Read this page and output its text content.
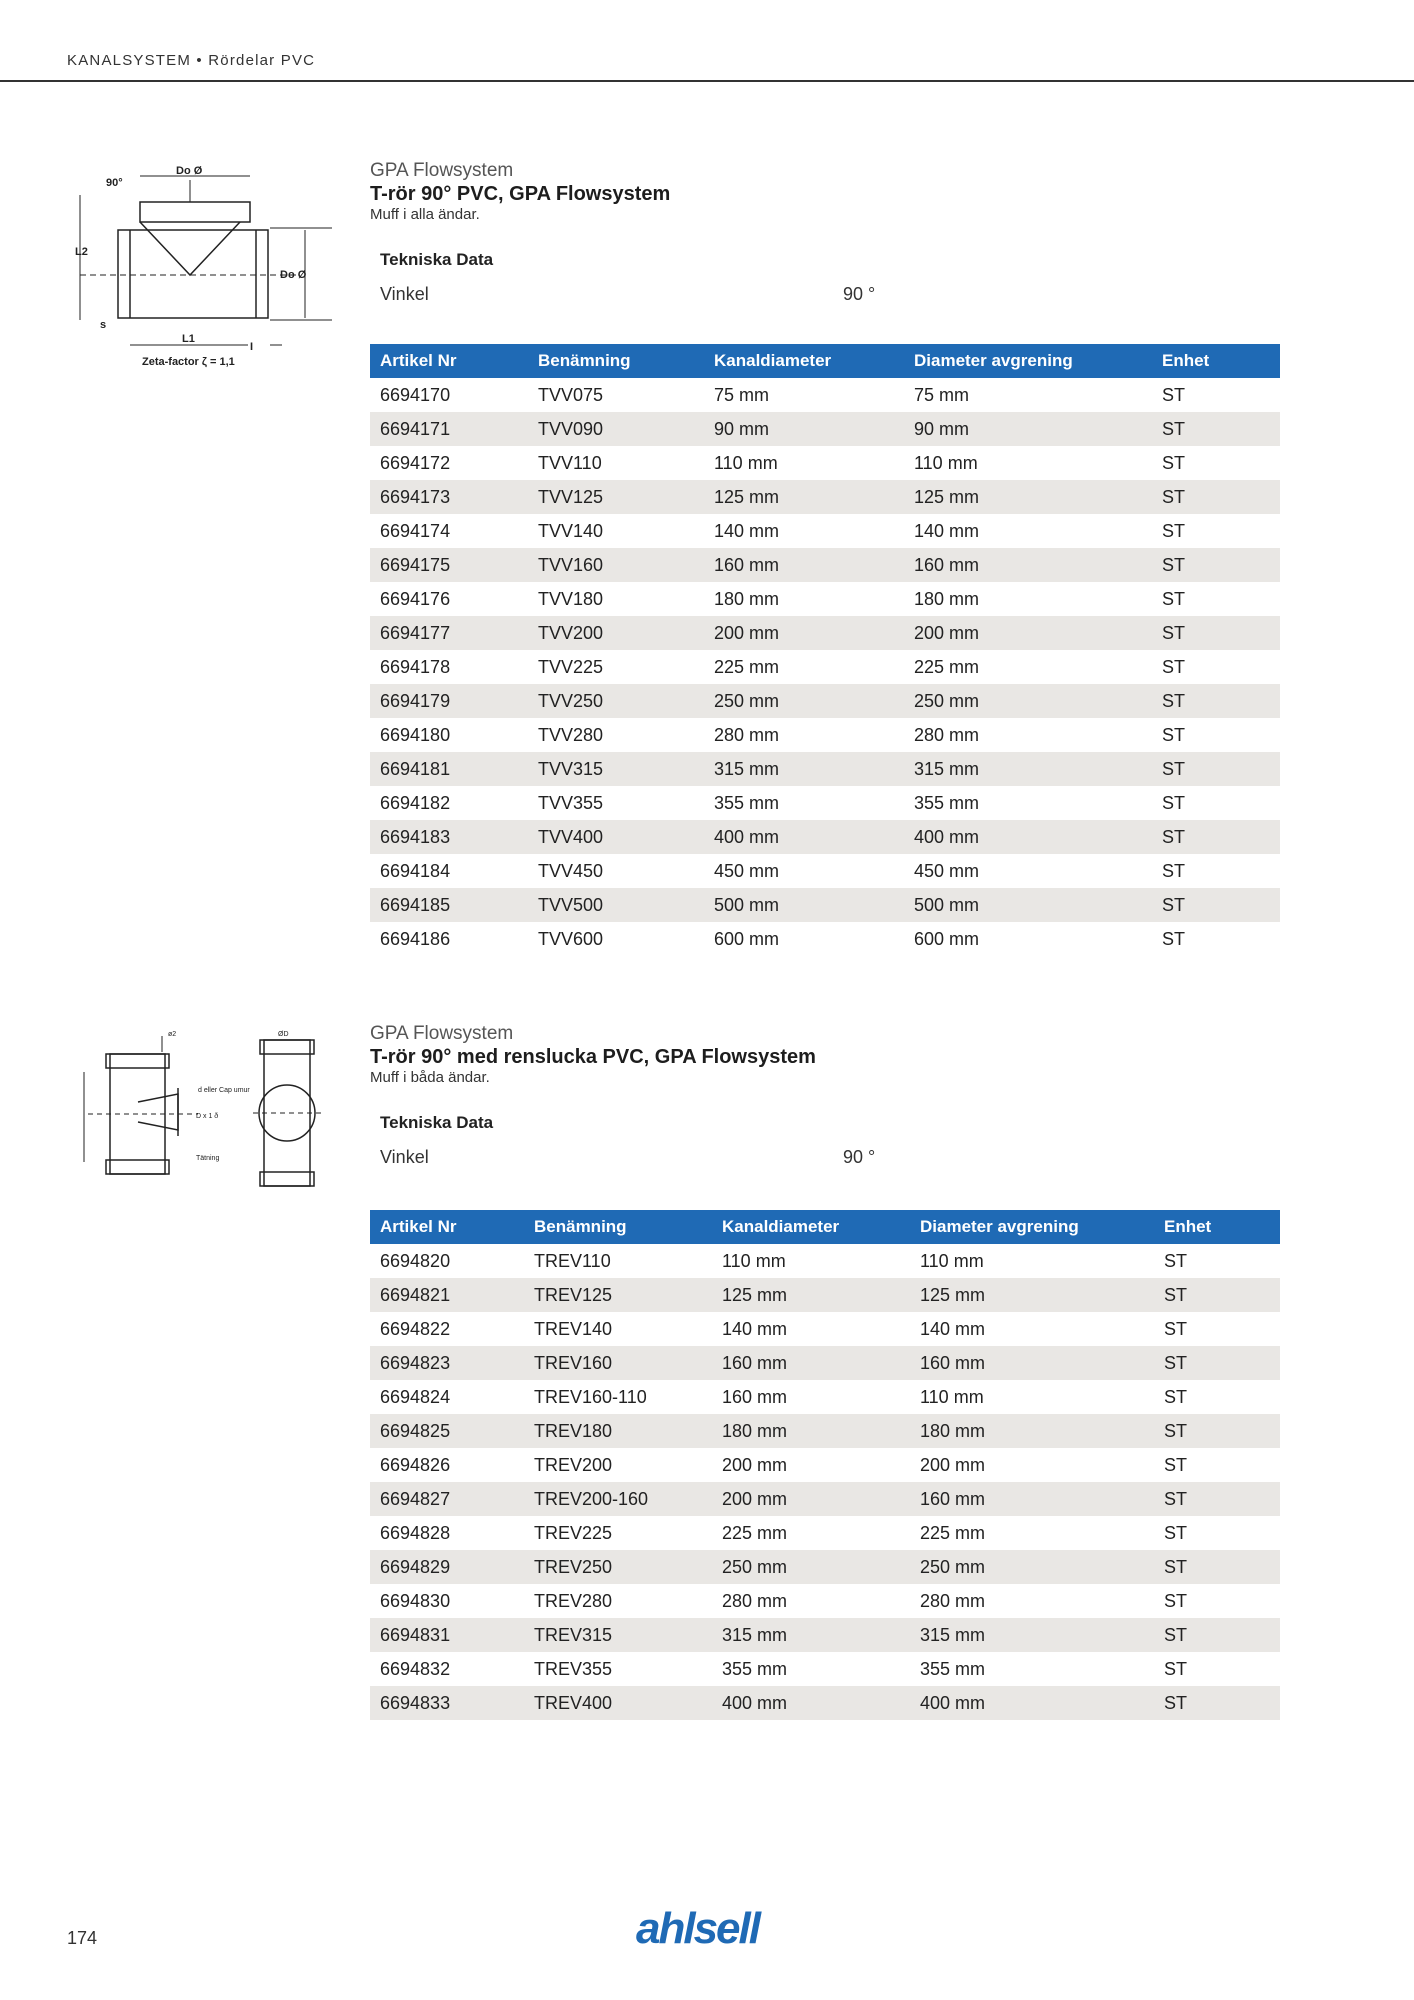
KANALSYSTEM • Rördelar PVC
90°
Do Ø
L2
Do Ø
L1
s
I
Zeta-factor ζ = 1,1
GPA Flowsystem
T-rör 90° PVC, GPA Flowsystem
Muff i alla ändar.
Tekniska Data
Vinkel	90 °
Artikel Nr	Benämning	Kanaldiameter	Diameter avgrening	Enhet
6694170	TVV075	75 mm	75 mm	ST
6694171	TVV090	90 mm	90 mm	ST
6694172	TVV110	110 mm	110 mm	ST
6694173	TVV125	125 mm	125 mm	ST
6694174	TVV140	140 mm	140 mm	ST
6694175	TVV160	160 mm	160 mm	ST
6694176	TVV180	180 mm	180 mm	ST
6694177	TVV200	200 mm	200 mm	ST
6694178	TVV225	225 mm	225 mm	ST
6694179	TVV250	250 mm	250 mm	ST
6694180	TVV280	280 mm	280 mm	ST
6694181	TVV315	315 mm	315 mm	ST
6694182	TVV355	355 mm	355 mm	ST
6694183	TVV400	400 mm	400 mm	ST
6694184	TVV450	450 mm	450 mm	ST
6694185	TVV500	500 mm	500 mm	ST
6694186	TVV600	600 mm	600 mm	ST
ø2
d eller Cap umur
D x 1 ð
Tätning
ØD	GPA Flowsystem
T-rör 90° med renslucka PVC, GPA Flowsystem
Muff i båda ändar.
Tekniska Data
Vinkel	90 °
Artikel Nr	Benämning	Kanaldiameter	Diameter avgrening	Enhet
6694820	TREV110	110 mm	110 mm	ST
6694821	TREV125	125 mm	125 mm	ST
6694822	TREV140	140 mm	140 mm	ST
6694823	TREV160	160 mm	160 mm	ST
6694824	TREV160-110	160 mm	110 mm	ST
6694825	TREV180	180 mm	180 mm	ST
6694826	TREV200	200 mm	200 mm	ST
6694827	TREV200-160	200 mm	160 mm	ST
6694828	TREV225	225 mm	225 mm	ST
6694829	TREV250	250 mm	250 mm	ST
6694830	TREV280	280 mm	280 mm	ST
6694831	TREV315	315 mm	315 mm	ST
6694832	TREV355	355 mm	355 mm	ST
6694833	TREV400	400 mm	400 mm	ST
174	ahlsell
